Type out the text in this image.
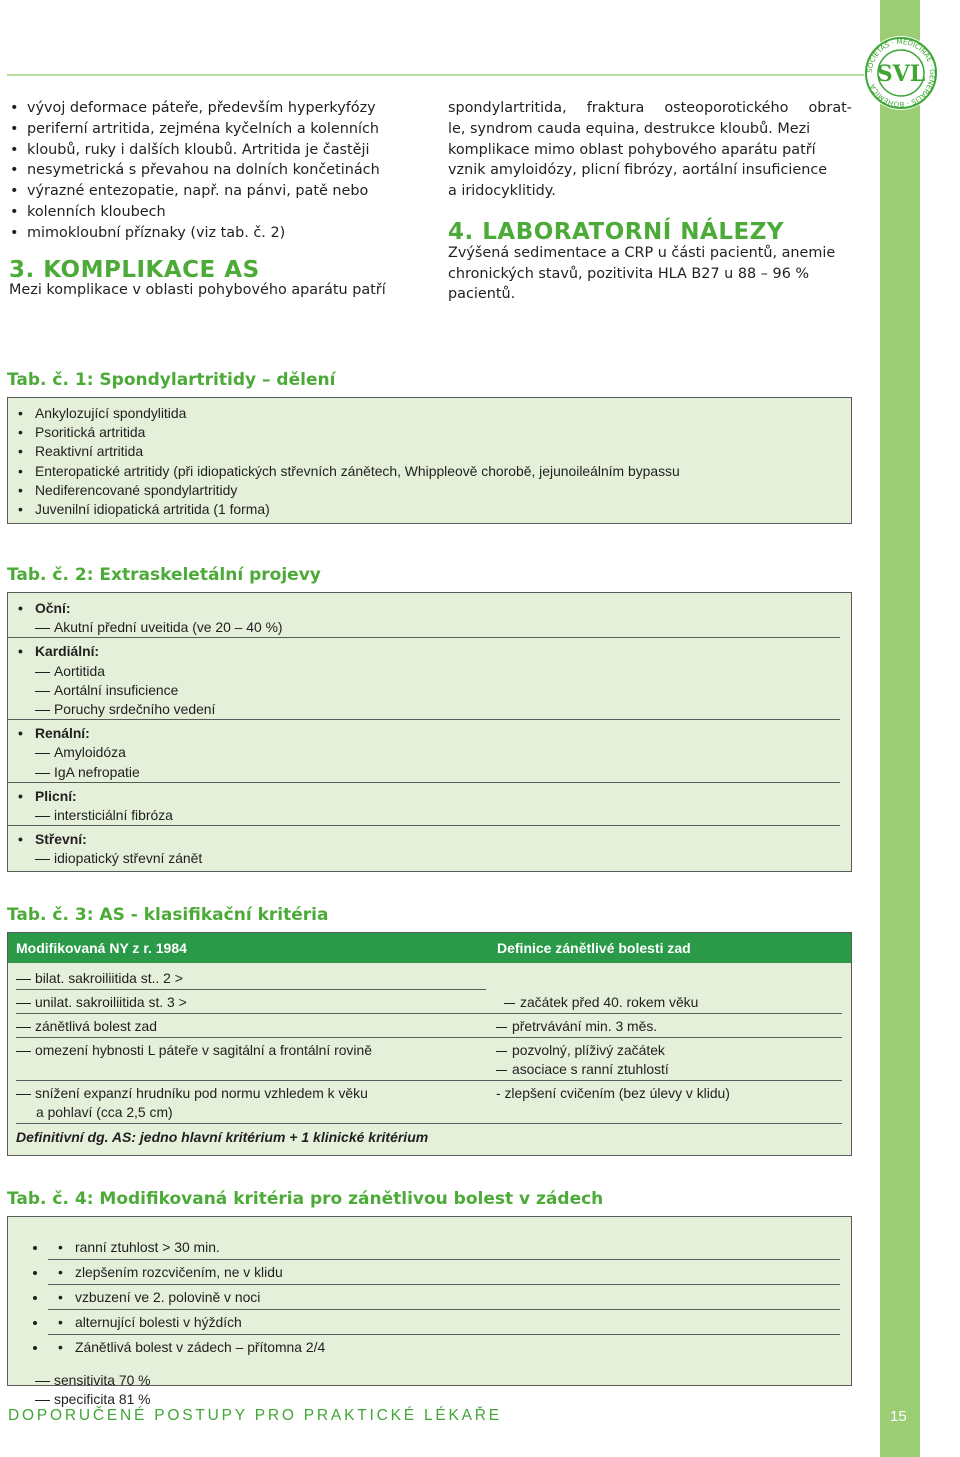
SOCIETAS · MEDICINAE · GENERALIS · BOHEMICA
SVL
• vývoj deformace páteře, především hyperkyfózy
• periferní artritida, zejména kyčelních a kolenních
• kloubů, ruky i dalších kloubů. Artritida je častěji
• nesymetrická s převahou na dolních končetinách
• výrazné entezopatie, např. na pánvi, patě nebo
• kolenních kloubech
• mimokloubní příznaky (viz tab. č. 2)
3. KOMPLIKACE AS
Mezi komplikace v oblasti pohybového aparátu patří
spondylartritida, fraktura osteoporotického obrat-
le, syndrom cauda equina, destrukce kloubů. Mezi
komplikace mimo oblast pohybového aparátu patří
vznik amyloidózy, plicní fibrózy, aortální insuficience
a iridocyklitidy.
4. LABORATORNÍ NÁLEZY
Zvýšená sedimentace a CRP u části pacientů, anemie
chronických stavů, pozitivita HLA B27 u 88 – 96 %
pacientů.
Tab. č. 1: Spondylartritidy – dělení
• Ankylozující spondylitida
• Psoritická artritida
• Reaktivní artritida
• Enteropatické artritidy (při idiopatických střevních zánětech, Whippleově chorobě, jejunoileálním bypassu
• Nediferencované spondylartritidy
• Juvenilní idiopatická artritida (1 forma)
Tab. č. 2: Extraskeletální projevy
• Oční:
Akutní přední uveitida (ve 20 – 40 %)
• Kardiální:
Aortitida
Aortální insuficience
Poruchy srdečního vedení
• Renální:
Amyloidóza
IgA nefropatie
• Plicní:
intersticiální fibróza
• Střevní:
idiopatický střevní zánět
Tab. č. 3: AS - klasifikační kritéria
Modifikovaná NY z r. 1984	Definice zánětlivé bolesti zad
bilat. sakroiliitida st.. 2 >
unilat. sakroiliitida st. 3 >	začátek před 40. rokem věku
zánětlivá bolest zad	přetrvávání min. 3 měs.
omezení hybnosti L páteře v sagitální a frontální rovině	pozvolný, plíživý začátek
asociace s ranní ztuhlostí
snížení expanzí hrudníku pod normu vzhledem k věku	- zlepšení cvičením (bez úlevy v klidu)
a pohlaví (cca 2,5 cm)
Definitivní dg. AS: jedno hlavní kritérium + 1 klinické kritérium
Tab. č. 4: Modifikovaná kritéria pro zánětlivou bolest v zádech
• • ranní ztuhlost > 30 min.
• • zlepšením rozcvičením, ne v klidu
• • vzbuzení ve 2. polovině v noci
• • alternující bolesti v hýždích
• • Zánětlivá bolest v zádech – přítomna 2/4
sensitivita 70 %
specificita 81 %
DOPORUČENÉ POSTUPY PRO PRAKTICKÉ LÉKAŘE	15
